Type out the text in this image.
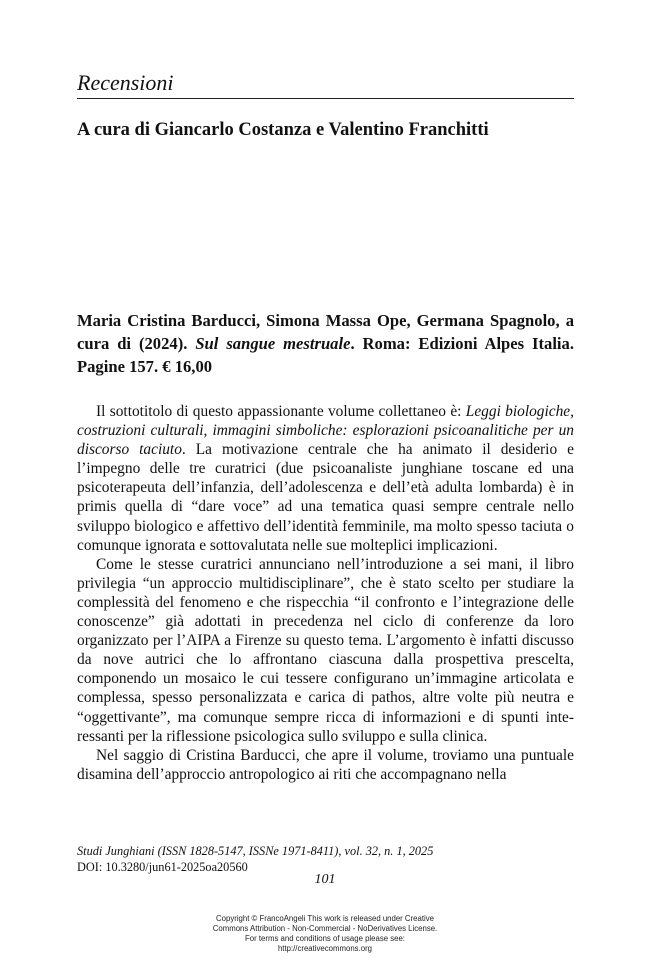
Recensioni
A cura di Giancarlo Costanza e Valentino Franchitti
Maria Cristina Barducci, Simona Massa Ope, Germana Spagnolo, a cura di (2024). Sul sangue mestruale. Roma: Edizioni Alpes Italia. Pagine 157. € 16,00

Il sottotitolo di questo appassionante volume collettaneo è: Leggi biologiche, costruzioni culturali, immagini simboliche: esplorazioni psicoanalitiche per un discorso taciuto. La motivazione centrale che ha animato il desiderio e l’impegno delle tre curatrici (due psicoanaliste junghiane toscane ed una psicoterapeuta dell’infanzia, dell’adolescenza e dell’età adulta lombarda) è in primis quella di “dare voce” ad una tematica quasi sempre centrale nello sviluppo biologico e affettivo dell’identità femminile, ma molto spesso taciuta o comunque ignorata e sottovalutata nelle sue molteplici implicazioni.

Come le stesse curatrici annunciano nell’introduzione a sei mani, il libro privilegia “un approccio multidisciplinare”, che è stato scelto per studiare la complessità del fenomeno e che rispecchia “il confronto e l’integrazione delle conoscenze” già adottati in precedenza nel ciclo di conferenze da loro organizzato per l’AIPA a Firenze su questo tema. L’argomento è infatti discusso da nove autrici che lo affrontano ciascuna dalla prospettiva prescelta, componendo un mosaico le cui tessere configurano un’immagine articolata e complessa, spesso personalizzata e carica di pathos, altre volte più neutra e “oggettivante”, ma comunque sempre ricca di informazioni e di spunti interessanti per la riflessione psicologica sullo sviluppo e sulla clinica.

Nel saggio di Cristina Barducci, che apre il volume, troviamo una puntuale disamina dell’approccio antropologico ai riti che accompagnano nella

Studi Junghiani (ISSN 1828-5147, ISSNe 1971-8411), vol. 32, n. 1, 2025
DOI: 10.3280/jun61-2025oa20560
101
Copyright © FrancoAngeli This work is released under Creative
Commons Attribution - Non-Commercial - NoDerivatives License.
For terms and conditions of usage please see:
http://creativecommons.org
